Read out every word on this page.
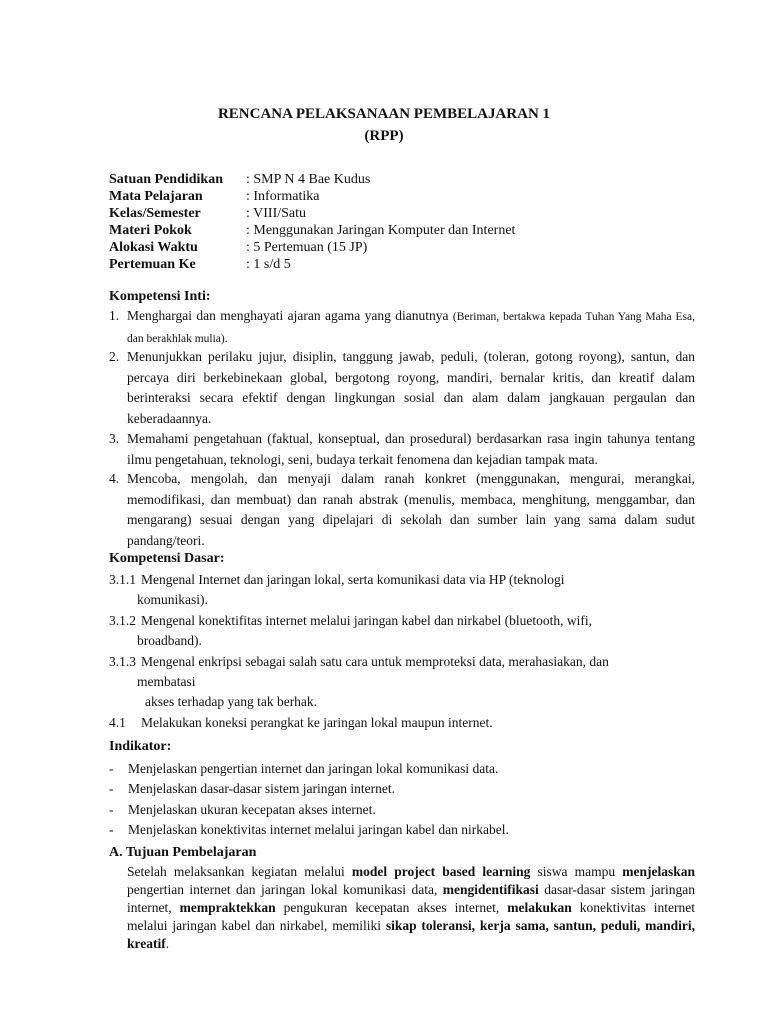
RENCANA PELAKSANAAN PEMBELAJARAN 1
(RPP)
Satuan Pendidikan : SMP N 4 Bae Kudus
Mata Pelajaran	: Informatika
Kelas/Semester	: VIII/Satu
Materi Pokok	: Menggunakan Jaringan Komputer dan Internet
Alokasi Waktu	: 5 Pertemuan (15 JP)
Pertemuan Ke	: 1 s/d 5
Kompetensi Inti:
1. Menghargai dan menghayati ajaran agama yang dianutnya (Beriman, bertakwa kepada Tuhan Yang Maha Esa, dan berakhlak mulia).
2. Menunjukkan perilaku jujur, disiplin, tanggung jawab, peduli, (toleran, gotong royong), santun, dan percaya diri berkebinekaan global, bergotong royong, mandiri, bernalar kritis, dan kreatif dalam berinteraksi secara efektif dengan lingkungan sosial dan alam dalam jangkauan pergaulan dan keberadaannya.
3. Memahami pengetahuan (faktual, konseptual, dan prosedural) berdasarkan rasa ingin tahunya tentang ilmu pengetahuan, teknologi, seni, budaya terkait fenomena dan kejadian tampak mata.
4. Mencoba, mengolah, dan menyaji dalam ranah konkret (menggunakan, mengurai, merangkai, memodifikasi, dan membuat) dan ranah abstrak (menulis, membaca, menghitung, menggambar, dan mengarang) sesuai dengan yang dipelajari di sekolah dan sumber lain yang sama dalam sudut pandang/teori.
Kompetensi Dasar:
3.1.1 Mengenal Internet dan jaringan lokal, serta komunikasi data via HP (teknologi
komunikasi).
3.1.2 Mengenal konektifitas internet melalui jaringan kabel dan nirkabel (bluetooth, wifi,
broadband).
3.1.3 Mengenal enkripsi sebagai salah satu cara untuk memproteksi data, merahasiakan, dan
membatasi
akses terhadap yang tak berhak.
4.1 Melakukan koneksi perangkat ke jaringan lokal maupun internet.
Indikator:
- Menjelaskan pengertian internet dan jaringan lokal komunikasi data.
- Menjelaskan dasar-dasar sistem jaringan internet.
- Menjelaskan ukuran kecepatan akses internet.
- Menjelaskan konektivitas internet melalui jaringan kabel dan nirkabel.
A. Tujuan Pembelajaran
Setelah melaksankan kegiatan melalui model project based learning siswa mampu menjelaskan pengertian internet dan jaringan lokal komunikasi data, mengidentifikasi dasar-dasar sistem jaringan internet, mempraktekkan pengukuran kecepatan akses internet, melakukan konektivitas internet melalui jaringan kabel dan nirkabel, memiliki sikap toleransi, kerja sama, santun, peduli, mandiri, kreatif.
